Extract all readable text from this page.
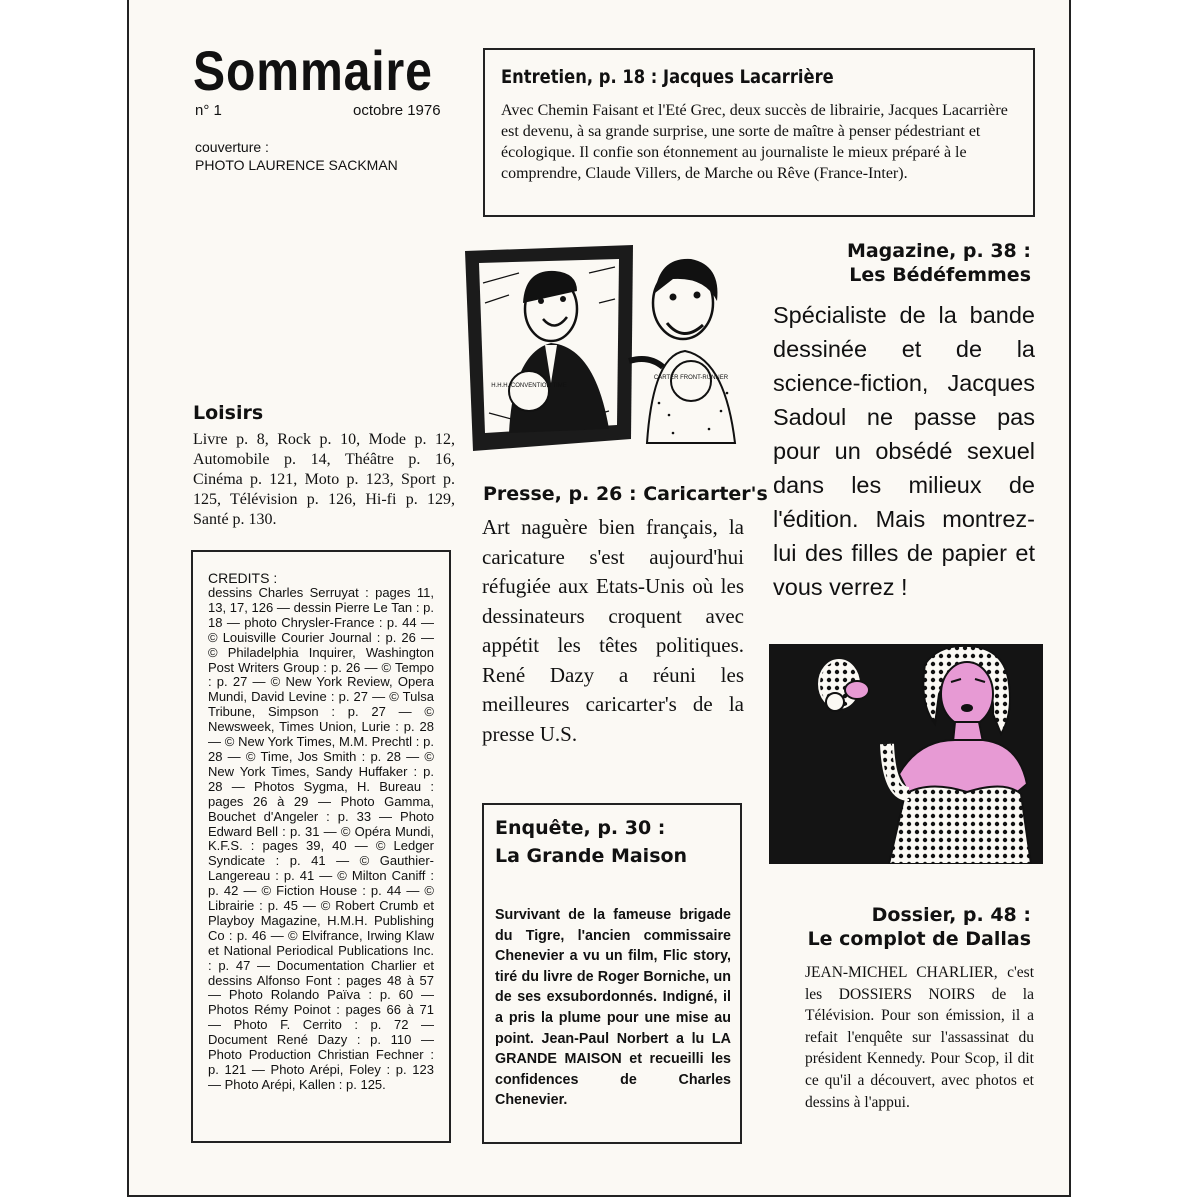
Sommaire
n° 1	octobre 1976
couverture :
PHOTO LAURENCE SACKMAN
Entretien, p. 18 : Jacques Lacarrière
Avec Chemin Faisant et l'Eté Grec, deux succès de librairie, Jacques Lacarrière est devenu, à sa grande surprise, une sorte de maître à penser pédestriant et écologique. Il confie son étonnement au journaliste le mieux préparé à le comprendre, Claude Villers, de Marche ou Rêve (France-Inter).
H.H.H. CONVENTION TIME
CARTER FRONT-RUNNER
Magazine, p. 38 :
Les Bédéfemmes
Spécialiste de la bande dessinée et de la science-fiction, Jacques Sadoul ne passe pas pour un obsédé sexuel dans les milieux de l'édition. Mais montrez-lui des filles de papier et vous verrez !
Loisirs
Livre p. 8, Rock p. 10, Mode p. 12, Automobile p. 14, Théâtre p. 16, Cinéma p. 121, Moto p. 123, Sport p. 125, Télévision p. 126, Hi-fi p. 129, Santé p. 130.
Presse, p. 26 : Caricarter's
Art naguère bien français, la caricature s'est aujourd'hui réfugiée aux Etats-Unis où les dessinateurs croquent avec appétit les têtes politiques. René Dazy a réuni les meilleures caricarter's de la presse U.S.
CREDITS :
dessins Charles Serruyat : pages 11, 13, 17, 126 — dessin Pierre Le Tan : p. 18 — photo Chrysler-France : p. 44 — © Louisville Courier Journal : p. 26 — © Philadelphia Inquirer, Washington Post Writers Group : p. 26 — © Tempo : p. 27 — © New York Review, Opera Mundi, David Levine : p. 27 — © Tulsa Tribune, Simpson : p. 27 — © Newsweek, Times Union, Lurie : p. 28 — © New York Times, M.M. Prechtl : p. 28 — © Time, Jos Smith : p. 28 — © New York Times, Sandy Huffaker : p. 28 — Photos Sygma, H. Bureau : pages 26 à 29 — Photo Gamma, Bouchet d'Angeler : p. 33 — Photo Edward Bell : p. 31 — © Opéra Mundi, K.F.S. : pages 39, 40 — © Ledger Syndicate : p. 41 — © Gauthier-Langereau : p. 41 — © Milton Caniff : p. 42 — © Fiction House : p. 44 — © Librairie : p. 45 — © Robert Crumb et Playboy Magazine, H.M.H. Publishing Co : p. 46 — © Elvifrance, Irwing Klaw et National Periodical Publications Inc. : p. 47 — Documentation Charlier et dessins Alfonso Font : pages 48 à 57 — Photo Rolando Païva : p. 60 — Photos Rémy Poinot : pages 66 à 71 — Photo F. Cerrito : p. 72 — Document René Dazy : p. 110 — Photo Production Christian Fechner : p. 121 — Photo Arépi, Foley : p. 123 — Photo Arépi, Kallen : p. 125.
Enquête, p. 30 :
La Grande Maison
Survivant de la fameuse brigade du Tigre, l'ancien commissaire Chenevier a vu un film, Flic story, tiré du livre de Roger Borniche, un de ses exsubordonnés. Indigné, il a pris la plume pour une mise au point. Jean-Paul Norbert a lu LA GRANDE MAISON et recueilli les confidences de Charles Chenevier.
Dossier, p. 48 :
Le complot de Dallas
JEAN-MICHEL CHARLIER, c'est les DOSSIERS NOIRS de la Télévision. Pour son émission, il a refait l'enquête sur l'assassinat du président Kennedy. Pour Scop, il dit ce qu'il a découvert, avec photos et dessins à l'appui.
